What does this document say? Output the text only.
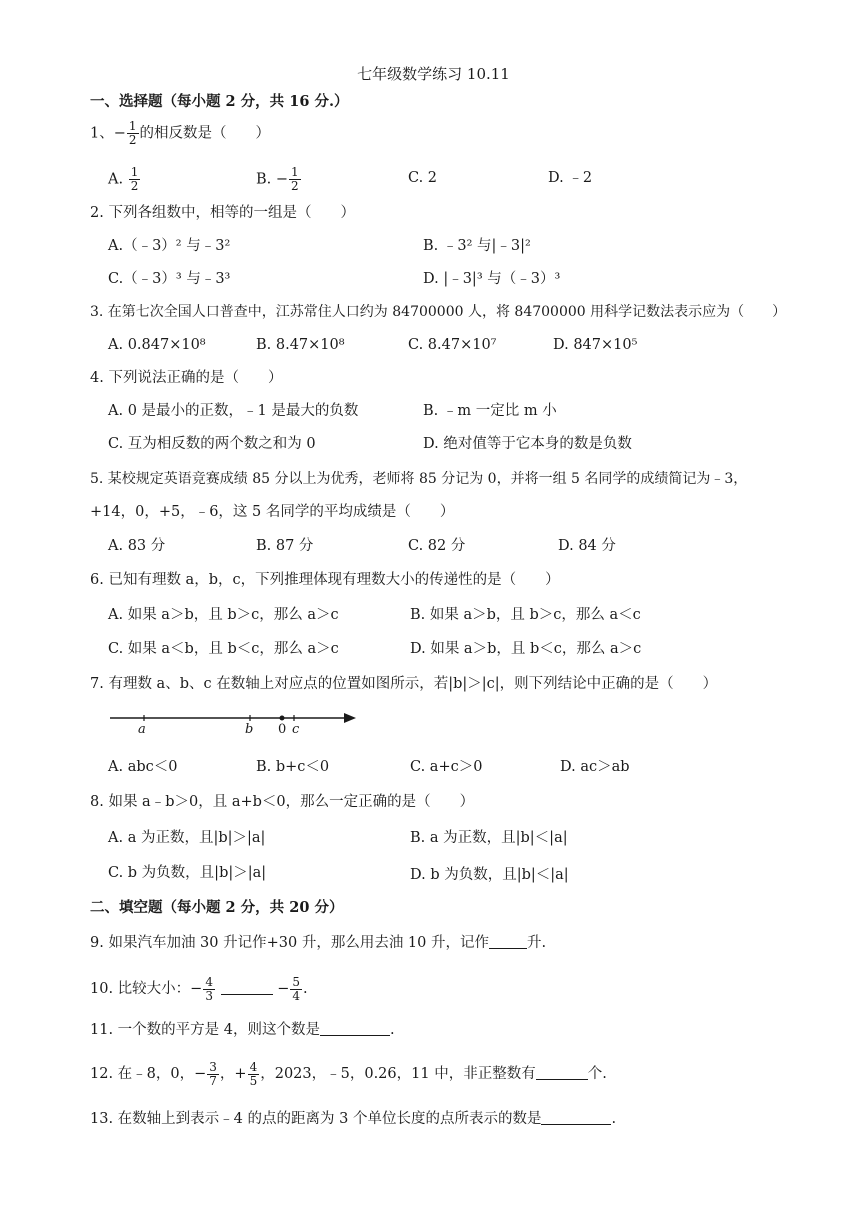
七年级数学练习 10.11
一、选择题（每小题 2 分，共 16 分.）
1、− $\frac{1}{2}$ 的相反数是（　　）
A. $\frac{1}{2}$	B. − $\frac{1}{2}$	C. 2	D. ﹣2
2. 下列各组数中，相等的一组是（　　）
A.（﹣3）² 与﹣3²	B. ﹣3² 与|﹣3|²
C.（﹣3）³ 与﹣3³	D. |﹣3|³ 与（﹣3）³
3. 在第七次全国人口普查中，江苏常住人口约为 84700000 人，将 84700000 用科学记数法表示应为（　　）
A. 0.847×10⁸	B. 8.47×10⁸	C. 8.47×10⁷	D. 847×10⁵
4. 下列说法正确的是（　　）
A. 0 是最小的正数，﹣1 是最大的负数	B. ﹣m 一定比 m 小
C. 互为相反数的两个数之和为 0	D. 绝对值等于它本身的数是负数
5. 某校规定英语竞赛成绩 85 分以上为优秀，老师将 85 分记为 0，并将一组 5 名同学的成绩简记为﹣3，
+14，0，+5，﹣6，这 5 名同学的平均成绩是（　　）
A. 83 分	B. 87 分	C. 82 分	D. 84 分
6. 已知有理数 a，b，c，下列推理体现有理数大小的传递性的是（　　）
A. 如果 a＞b，且 b＞c，那么 a＞c	B. 如果 a＞b，且 b＞c，那么 a＜c
C. 如果 a＜b，且 b＜c，那么 a＞c	D. 如果 a＞b，且 b＜c，那么 a＞c
7. 有理数 a、b、c 在数轴上对应点的位置如图所示，若|b|＞|c|，则下列结论中正确的是（　　）
a	b 0 c
A. abc＜0	B. b+c＜0	C. a+c＞0	D. ac＞ab
8. 如果 a﹣b＞0，且 a+b＜0，那么一定正确的是（　　）
A. a 为正数，且|b|＞|a|	B. a 为正数，且|b|＜|a|
C. b 为负数，且|b|＞|a|	D. b 为负数，且|b|＜|a|
二、填空题（每小题 2 分，共 20 分）
9. 如果汽车加油 30 升记作+30 升，那么用去油 10 升，记作	升.
10. 比较大小：− $\frac{4}{3}$	− $\frac{5}{4}$ .
11. 一个数的平方是 4，则这个数是	.
12. 在﹣8，0，− $\frac{3}{7}$ ，+ $\frac{4}{5}$ ，2023，﹣5，0.26，11 中，非正整数有	个.
13. 在数轴上到表示﹣4 的点的距离为 3 个单位长度的点所表示的数是	.
